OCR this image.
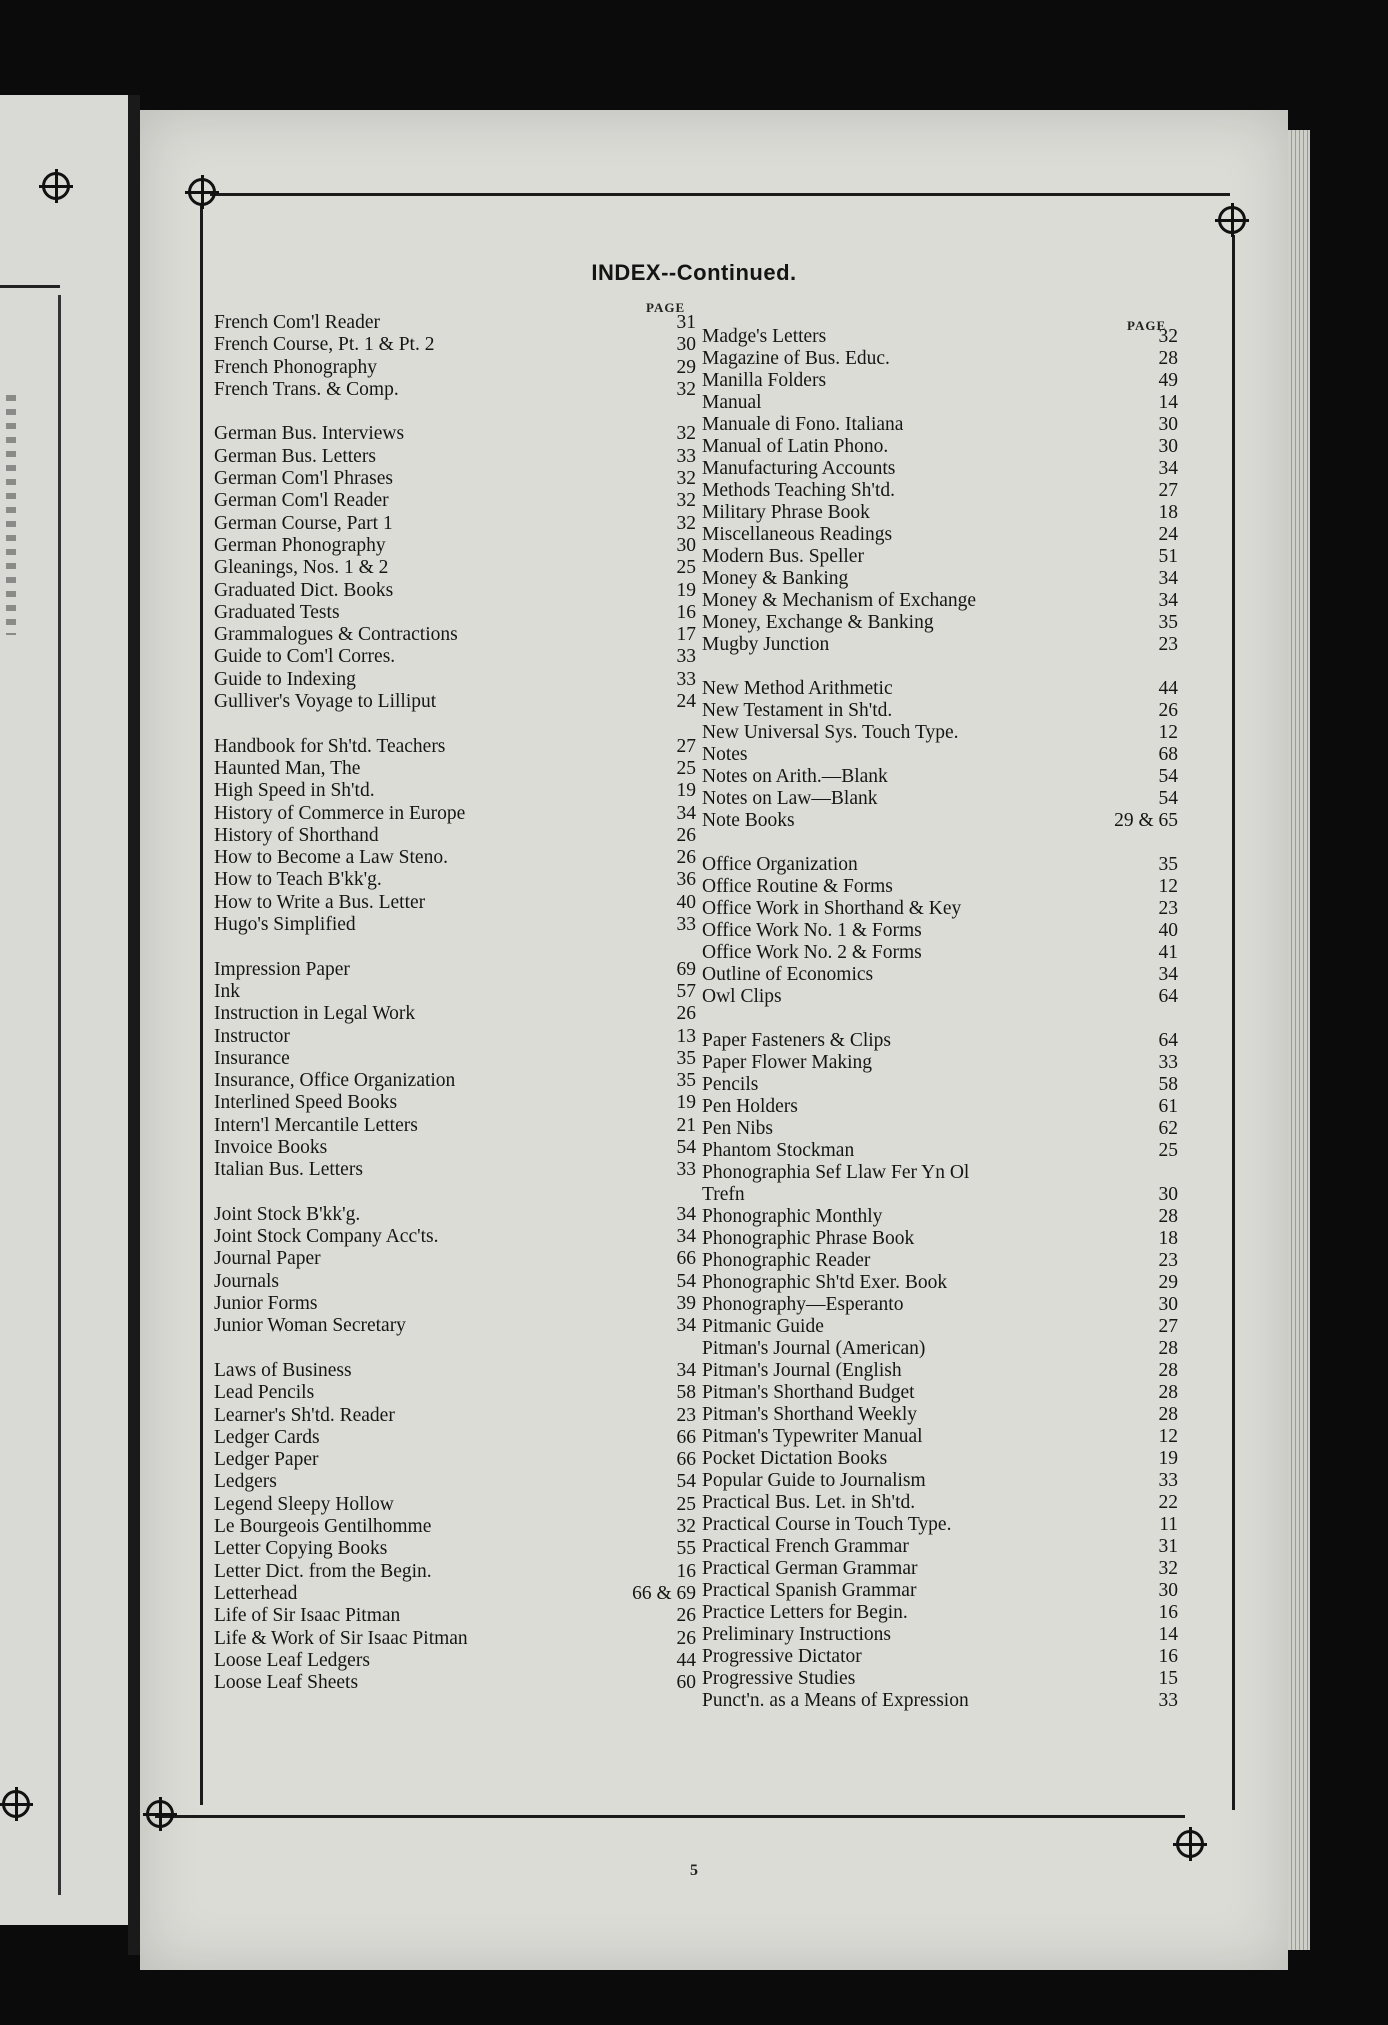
INDEX--Continued.
PAGE
PAGE
French Com'l Reader	31
French Course, Pt. 1 & Pt. 2	30
French Phonography	29
French Trans. & Comp.	32
German Bus. Interviews	32
German Bus. Letters	33
German Com'l Phrases	32
German Com'l Reader	32
German Course, Part 1	32
German Phonography	30
Gleanings, Nos. 1 & 2	25
Graduated Dict. Books	19
Graduated Tests	16
Grammalogues & Contractions	17
Guide to Com'l Corres.	33
Guide to Indexing	33
Gulliver's Voyage to Lilliput	24
Handbook for Sh'td. Teachers	27
Haunted Man, The	25
High Speed in Sh'td.	19
History of Commerce in Europe	34
History of Shorthand	26
How to Become a Law Steno.	26
How to Teach B'kk'g.	36
How to Write a Bus. Letter	40
Hugo's Simplified	33
Impression Paper	69
Ink	57
Instruction in Legal Work	26
Instructor	13
Insurance	35
Insurance, Office Organization	35
Interlined Speed Books	19
Intern'l Mercantile Letters	21
Invoice Books	54
Italian Bus. Letters	33
Joint Stock B'kk'g.	34
Joint Stock Company Acc'ts.	34
Journal Paper	66
Journals	54
Junior Forms	39
Junior Woman Secretary	34
Laws of Business	34
Lead Pencils	58
Learner's Sh'td. Reader	23
Ledger Cards	66
Ledger Paper	66
Ledgers	54
Legend Sleepy Hollow	25
Le Bourgeois Gentilhomme	32
Letter Copying Books	55
Letter Dict. from the Begin.	16
Letterhead	66 & 69
Life of Sir Isaac Pitman	26
Life & Work of Sir Isaac Pitman	26
Loose Leaf Ledgers	44
Loose Leaf Sheets	60
Madge's Letters	32
Magazine of Bus. Educ.	28
Manilla Folders	49
Manual	14
Manuale di Fono. Italiana	30
Manual of Latin Phono.	30
Manufacturing Accounts	34
Methods Teaching Sh'td.	27
Military Phrase Book	18
Miscellaneous Readings	24
Modern Bus. Speller	51
Money & Banking	34
Money & Mechanism of Exchange	34
Money, Exchange & Banking	35
Mugby Junction	23
New Method Arithmetic	44
New Testament in Sh'td.	26
New Universal Sys. Touch Type.	12
Notes	68
Notes on Arith.—Blank	54
Notes on Law—Blank	54
Note Books	29 & 65
Office Organization	35
Office Routine & Forms	12
Office Work in Shorthand & Key	23
Office Work No. 1 & Forms	40
Office Work No. 2 & Forms	41
Outline of Economics	34
Owl Clips	64
Paper Fasteners & Clips	64
Paper Flower Making	33
Pencils	58
Pen Holders	61
Pen Nibs	62
Phantom Stockman	25
Phonographia Sef Llaw Fer Yn Ol
Trefn	30
Phonographic Monthly	28
Phonographic Phrase Book	18
Phonographic Reader	23
Phonographic Sh'td Exer. Book	29
Phonography—Esperanto	30
Pitmanic Guide	27
Pitman's Journal (American)	28
Pitman's Journal (English	28
Pitman's Shorthand Budget	28
Pitman's Shorthand Weekly	28
Pitman's Typewriter Manual	12
Pocket Dictation Books	19
Popular Guide to Journalism	33
Practical Bus. Let. in Sh'td.	22
Practical Course in Touch Type.	11
Practical French Grammar	31
Practical German Grammar	32
Practical Spanish Grammar	30
Practice Letters for Begin.	16
Preliminary Instructions	14
Progressive Dictator	16
Progressive Studies	15
Punct'n. as a Means of Expression	33
5
